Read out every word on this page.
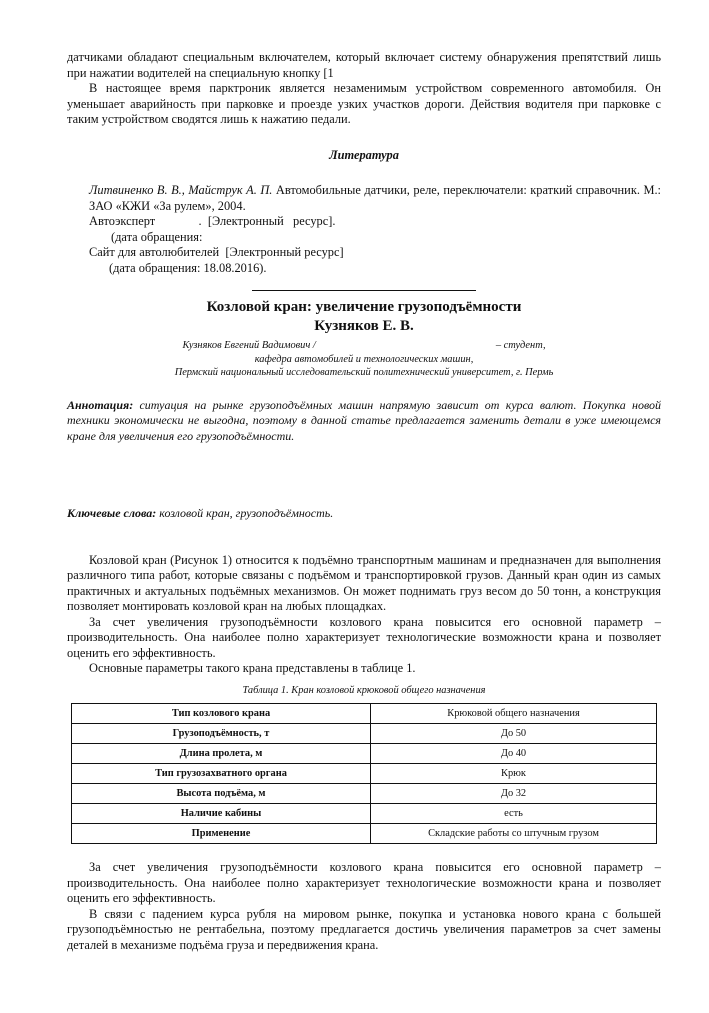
датчиками обладают специальным включателем, который включает систему обнаружения препятствий лишь при нажатии водителей на специальную кнопку [1

В настоящее время парктроник является незаменимым устройством современного автомобиля. Он уменьшает аварийность при парковке и проезде узких участков дороги. Действия водителя при парковке с таким устройством сводятся лишь к нажатию педали.

Литература

Литвиненко В. В., Майструк А. П. Автомобильные датчики, реле, переключатели: краткий справочник. М.: ЗАО «КЖИ «За рулем», 2004.

Автоэксперт              .  [Электронный   ресурс].

(дата обращения:

Сайт для автолюбителей  [Электронный ресурс]

(дата обращения: 18.08.2016).

Козловой кран: увеличение грузоподъёмности

Кузняков Е. В.

Кузняков Евгений Вадимович /	– студент,

кафедра автомобилей и технологических машин,

Пермский национальный исследовательский политехнический университет, г. Пермь

Аннотация: ситуация на рынке грузоподъёмных машин напрямую зависит от курса валют. Покупка новой техники экономически не выгодна, поэтому в данной статье предлагается заменить детали в уже имеющемся кране для увеличения его грузоподъёмности.

Ключевые слова: козловой кран, грузоподъёмность.

Козловой кран (Рисунок 1) относится к подъёмно транспортным машинам и предназначен для выполнения различного типа работ, которые связаны с подъёмом и транспортировкой грузов. Данный кран один из самых практичных и актуальных подъёмных механизмов. Он может поднимать груз весом до 50 тонн, а конструкция позволяет монтировать козловой кран на любых площадках.

За счет увеличения грузоподъёмности козлового крана повысится его основной параметр – производительность. Она наиболее полно характеризует технологические возможности крана и позволяет оценить его эффективность.

Основные параметры такого крана представлены в таблице 1.

Таблица 1. Кран козловой крюковой общего назначения

Тип козлового крана	Крюковой общего назначения
Грузоподъёмность, т	До 50
Длина пролета, м	До 40
Тип грузозахватного органа	Крюк
Высота подъёма, м	До 32
Наличие кабины	есть
Применение	Складские работы со штучным грузом

За счет увеличения грузоподъёмности козлового крана повысится его основной параметр – производительность. Она наиболее полно характеризует технологические возможности крана и позволяет оценить его эффективность.

В связи с падением курса рубля на мировом рынке, покупка и установка нового крана с большей грузоподъёмностью не рентабельна, поэтому предлагается достичь увеличения параметров за счет замены деталей в механизме подъёма груза и передвижения крана.
